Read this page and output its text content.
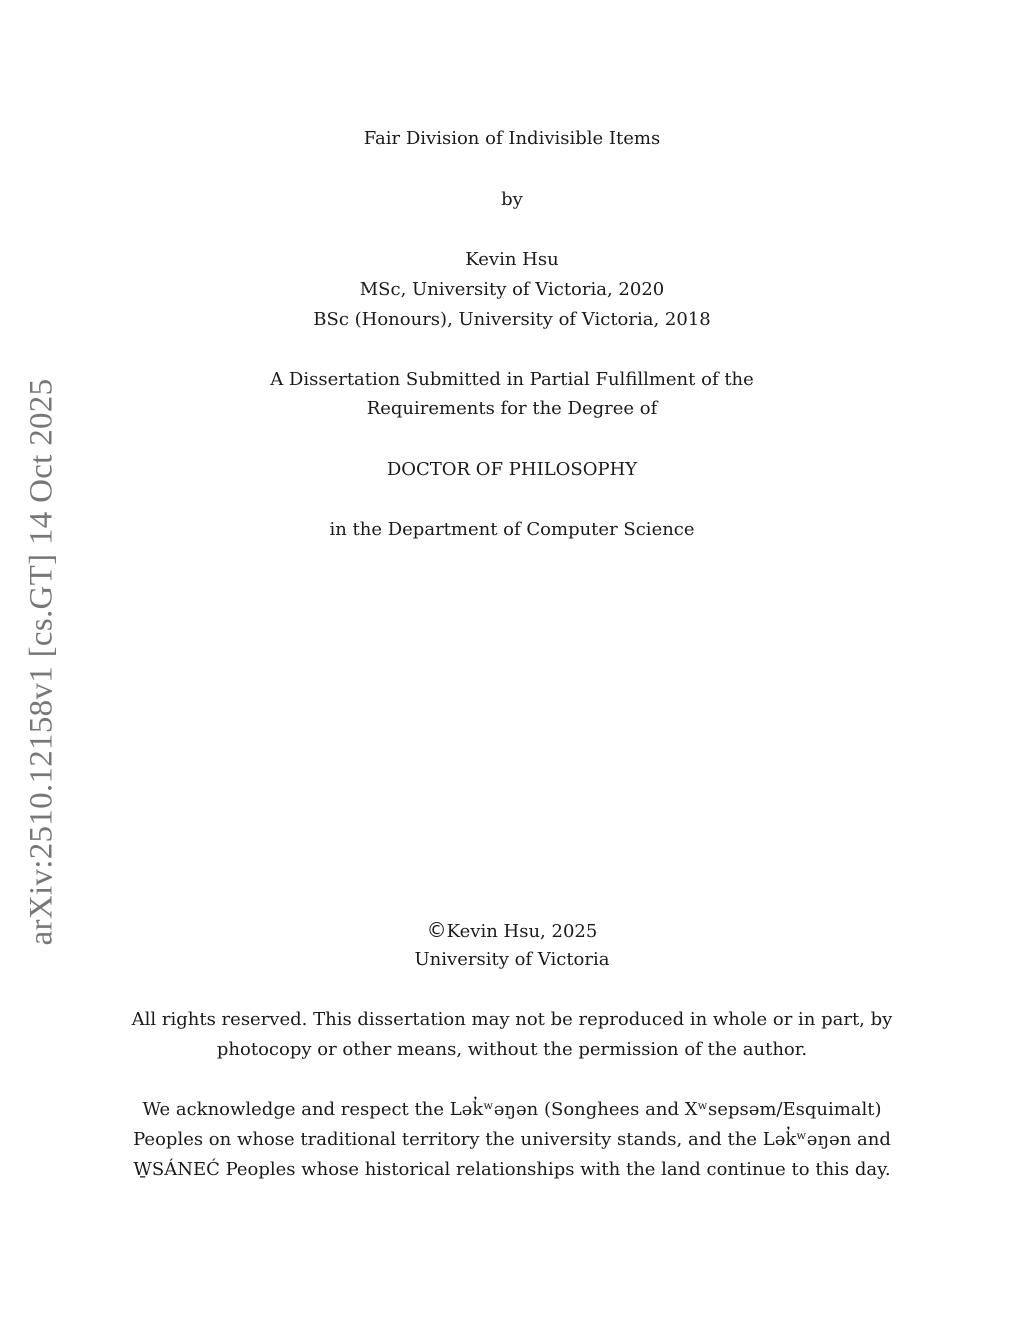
arXiv:2510.12158v1 [cs.GT] 14 Oct 2025
Fair Division of Indivisible Items
by
Kevin Hsu
MSc, University of Victoria, 2020
BSc (Honours), University of Victoria, 2018
A Dissertation Submitted in Partial Fulfillment of the
Requirements for the Degree of
DOCTOR OF PHILOSOPHY
in the Department of Computer Science
©Kevin Hsu, 2025
University of Victoria
All rights reserved. This dissertation may not be reproduced in whole or in part, by
photocopy or other means, without the permission of the author.
We acknowledge and respect the Lək̓ʷəŋən (Songhees and Xʷsepsəm/Esquimalt)
Peoples on whose traditional territory the university stands, and the Lək̓ʷəŋən and
W̱SÁNEĆ Peoples whose historical relationships with the land continue to this day.
